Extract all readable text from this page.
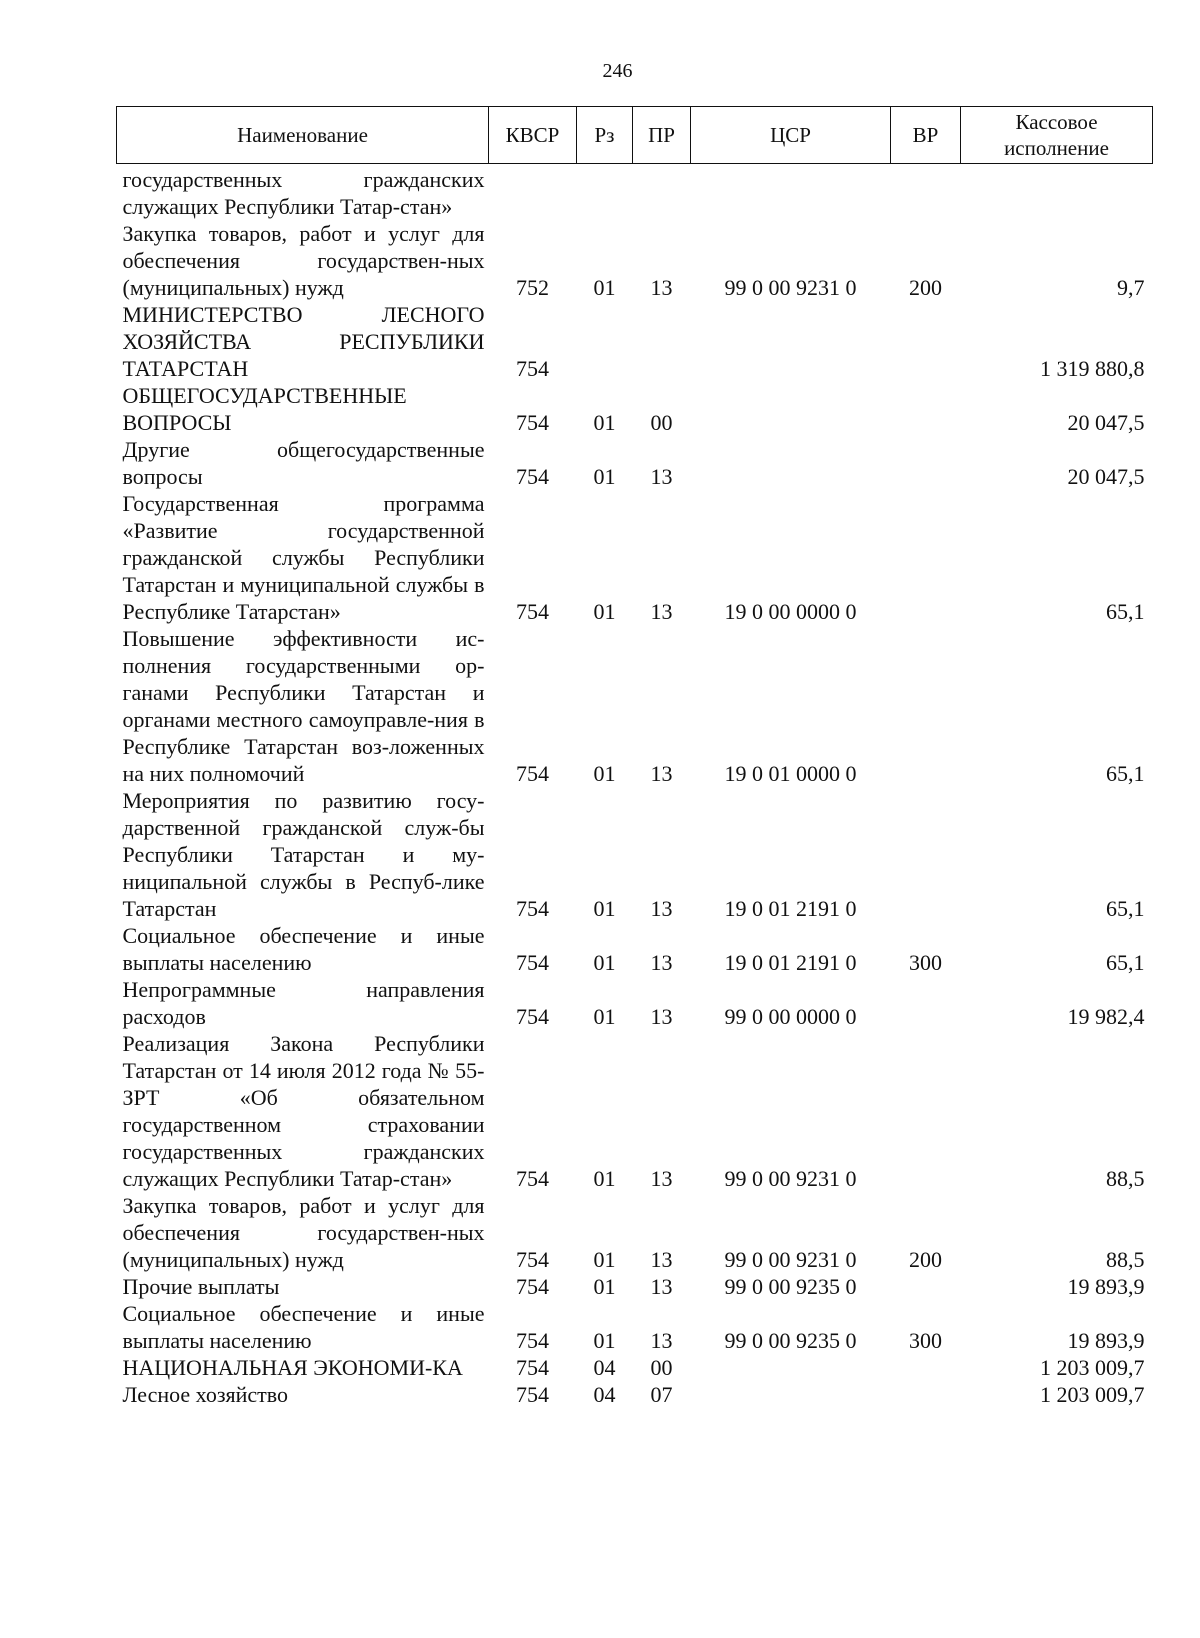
246
Наименование	КВСР	Рз	ПР	ЦСР	ВР	Кассовое исполнение
государственных гражданских служащих Республики Татар-стан»						
Закупка товаров, работ и услуг для обеспечения государствен-ных (муниципальных) нужд	752	01	13	99 0 00 9231 0	200	9,7
МИНИСТЕРСТВО ЛЕСНОГО ХОЗЯЙСТВА РЕСПУБЛИКИ ТАТАРСТАН	754					1 319 880,8
ОБЩЕГОСУДАРСТВЕННЫЕ ВОПРОСЫ	754	01	00			20 047,5
Другие общегосударственные вопросы	754	01	13			20 047,5
Государственная программа «Развитие государственной гражданской службы Республики Татарстан и муниципальной службы в Республике Татарстан»	754	01	13	19 0 00 0000 0		65,1
Повышение эффективности ис-полнения государственными ор-ганами Республики Татарстан и органами местного самоуправле-ния в Республике Татарстан воз-ложенных на них полномочий	754	01	13	19 0 01 0000 0		65,1
Мероприятия по развитию госу-дарственной гражданской служ-бы Республики Татарстан и му-ниципальной службы в Респуб-лике Татарстан	754	01	13	19 0 01 2191 0		65,1
Социальное обеспечение и иные выплаты населению	754	01	13	19 0 01 2191 0	300	65,1
Непрограммные направления расходов	754	01	13	99 0 00 0000 0		19 982,4
Реализация Закона Республики Татарстан от 14 июля 2012 года № 55-ЗРТ «Об обязательном государственном страховании государственных гражданских служащих Республики Татар-стан»	754	01	13	99 0 00 9231 0		88,5
Закупка товаров, работ и услуг для обеспечения государствен-ных (муниципальных) нужд	754	01	13	99 0 00 9231 0	200	88,5
Прочие выплаты	754	01	13	99 0 00 9235 0		19 893,9
Социальное обеспечение и иные выплаты населению	754	01	13	99 0 00 9235 0	300	19 893,9
НАЦИОНАЛЬНАЯ ЭКОНОМИ-КА	754	04	00			1 203 009,7
Лесное хозяйство	754	04	07			1 203 009,7
